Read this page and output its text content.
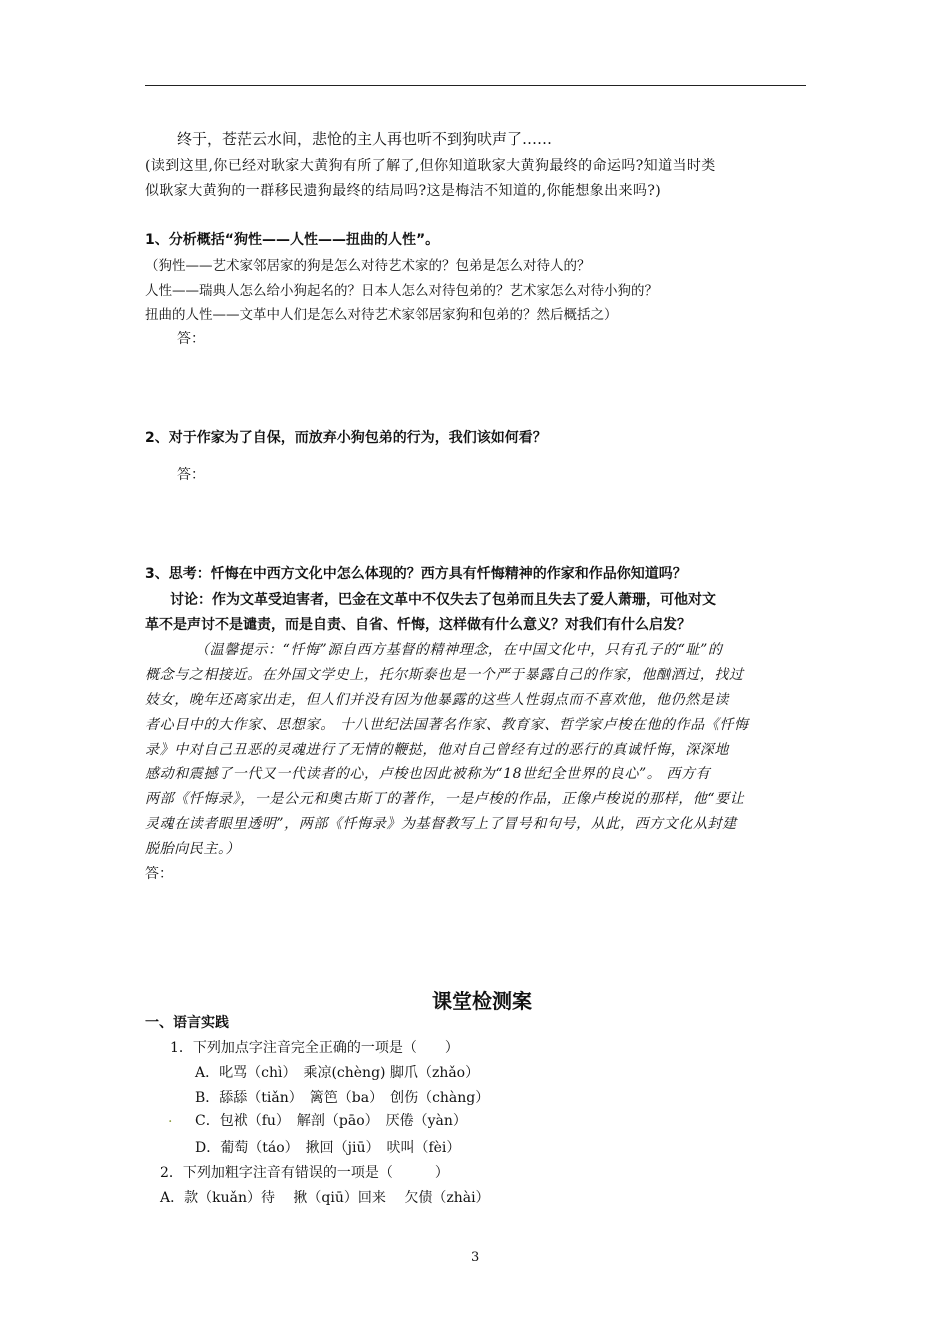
终于，苍茫云水间，悲怆的主人再也听不到狗吠声了……
(读到这里,你已经对耿家大黄狗有所了解了,但你知道耿家大黄狗最终的命运吗?知道当时类
似耿家大黄狗的一群移民遗狗最终的结局吗?这是梅洁不知道的,你能想象出来吗?)
1、分析概括“狗性——人性——扭曲的人性”。
（狗性——艺术家邻居家的狗是怎么对待艺术家的？包弟是怎么对待人的？
人性——瑞典人怎么给小狗起名的？日本人怎么对待包弟的？艺术家怎么对待小狗的？
扭曲的人性——文革中人们是怎么对待艺术家邻居家狗和包弟的？然后概括之）
答：
2、对于作家为了自保，而放弃小狗包弟的行为，我们该如何看？
答：
3、思考：忏悔在中西方文化中怎么体现的？西方具有忏悔精神的作家和作品你知道吗？
讨论：作为文革受迫害者，巴金在文革中不仅失去了包弟而且失去了爱人萧珊，可他对文
革不是声讨不是谴责，而是自责、自省、忏悔，这样做有什么意义？对我们有什么启发？
（温馨提示：“忏悔”源自西方基督的精神理念，在中国文化中，只有孔子的“耻”的
概念与之相接近。在外国文学史上，托尔斯泰也是一个严于暴露自己的作家，他酗酒过，找过
妓女，晚年还离家出走，但人们并没有因为他暴露的这些人性弱点而不喜欢他，他仍然是读
者心目中的大作家、思想家。 十八世纪法国著名作家、教育家、哲学家卢梭在他的作品《忏悔
录》中对自己丑恶的灵魂进行了无情的鞭挞，他对自己曾经有过的恶行的真诚忏悔，深深地
感动和震撼了一代又一代读者的心，卢梭也因此被称为“18世纪全世界的良心”。 西方有
两部《忏悔录》，一是公元和奥古斯丁的著作，一是卢梭的作品，正像卢梭说的那样，他“要让
灵魂在读者眼里透明”，两部《忏悔录》为基督教写上了冒号和句号，从此，西方文化从封建
脱胎向民主。）
答：
课堂检测案
一、语言实践
1．下列加点字注音完全正确的一项是（　　）
A．叱骂（chì）　乘凉(chèng) 脚爪（zhǎo）
B．舔舔（tiǎn）　篱笆（ba）　创伤（chàng）
. C．包袱（fu）　解剖（pāo）　厌倦（yàn）
D．葡萄（táo）　揪回（jiū）　吠叫（fèi）
2．下列加粗字注音有错误的一项是（　　　）
A．款（kuǎn）待　 揪（qiū）回来　 欠债（zhài）
3
